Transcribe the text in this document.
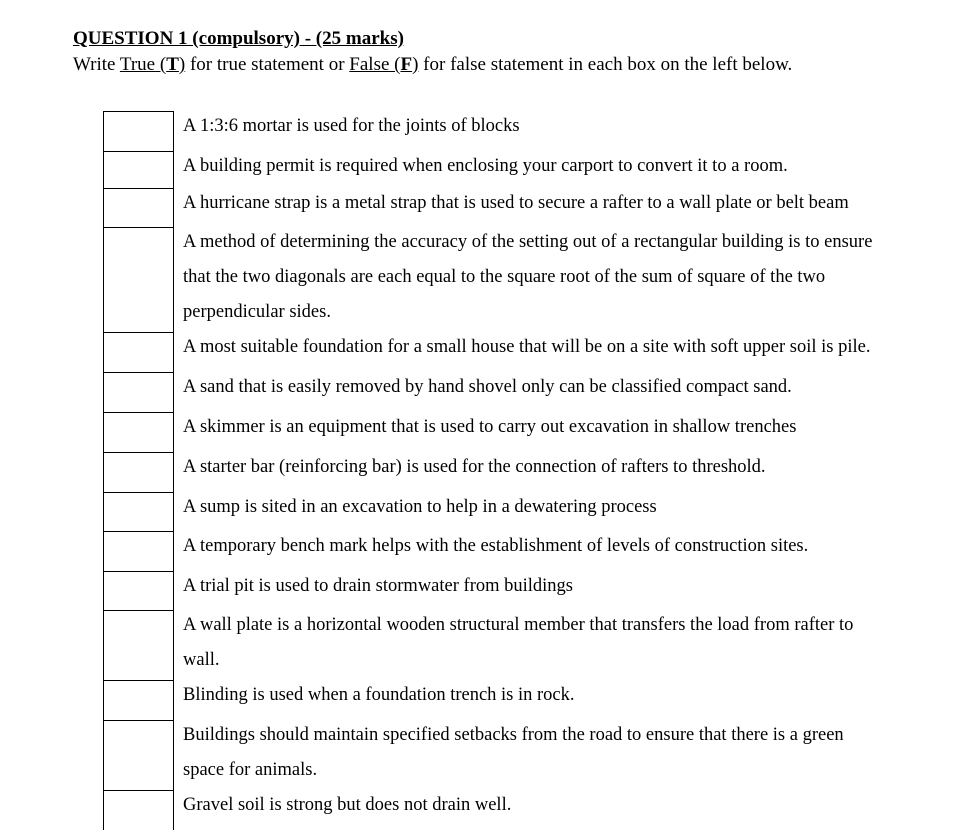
QUESTION 1 (compulsory) - (25 marks)
Write True (T) for true statement or False (F) for false statement in each box on the left below.

	A 1:3:6 mortar is used for the joints of blocks

	A building permit is required when enclosing your carport to convert it to a room.

	A hurricane strap is a metal strap that is used to secure a rafter to a wall plate or belt beam

	A method of determining the accuracy of the setting out of a rectangular building is to ensure
that the two diagonals are each equal to the square root of the sum of square of the two
perpendicular sides.

	A most suitable foundation for a small house that will be on a site with soft upper soil is pile.

	A sand that is easily removed by hand shovel only can be classified compact sand.

	A skimmer is an equipment that is used to carry out excavation in shallow trenches

	A starter bar (reinforcing bar) is used for the connection of rafters to threshold.

	A sump is sited in an excavation to help in a dewatering process

	A temporary bench mark helps with the establishment of levels of construction sites.

	A trial pit is used to drain stormwater from buildings

	A wall plate is a horizontal wooden structural member that transfers the load from rafter to
wall.

	Blinding is used when a foundation trench is in rock.

	Buildings should maintain specified setbacks from the road to ensure that there is a green
space for animals.

	Gravel soil is strong but does not drain well.
